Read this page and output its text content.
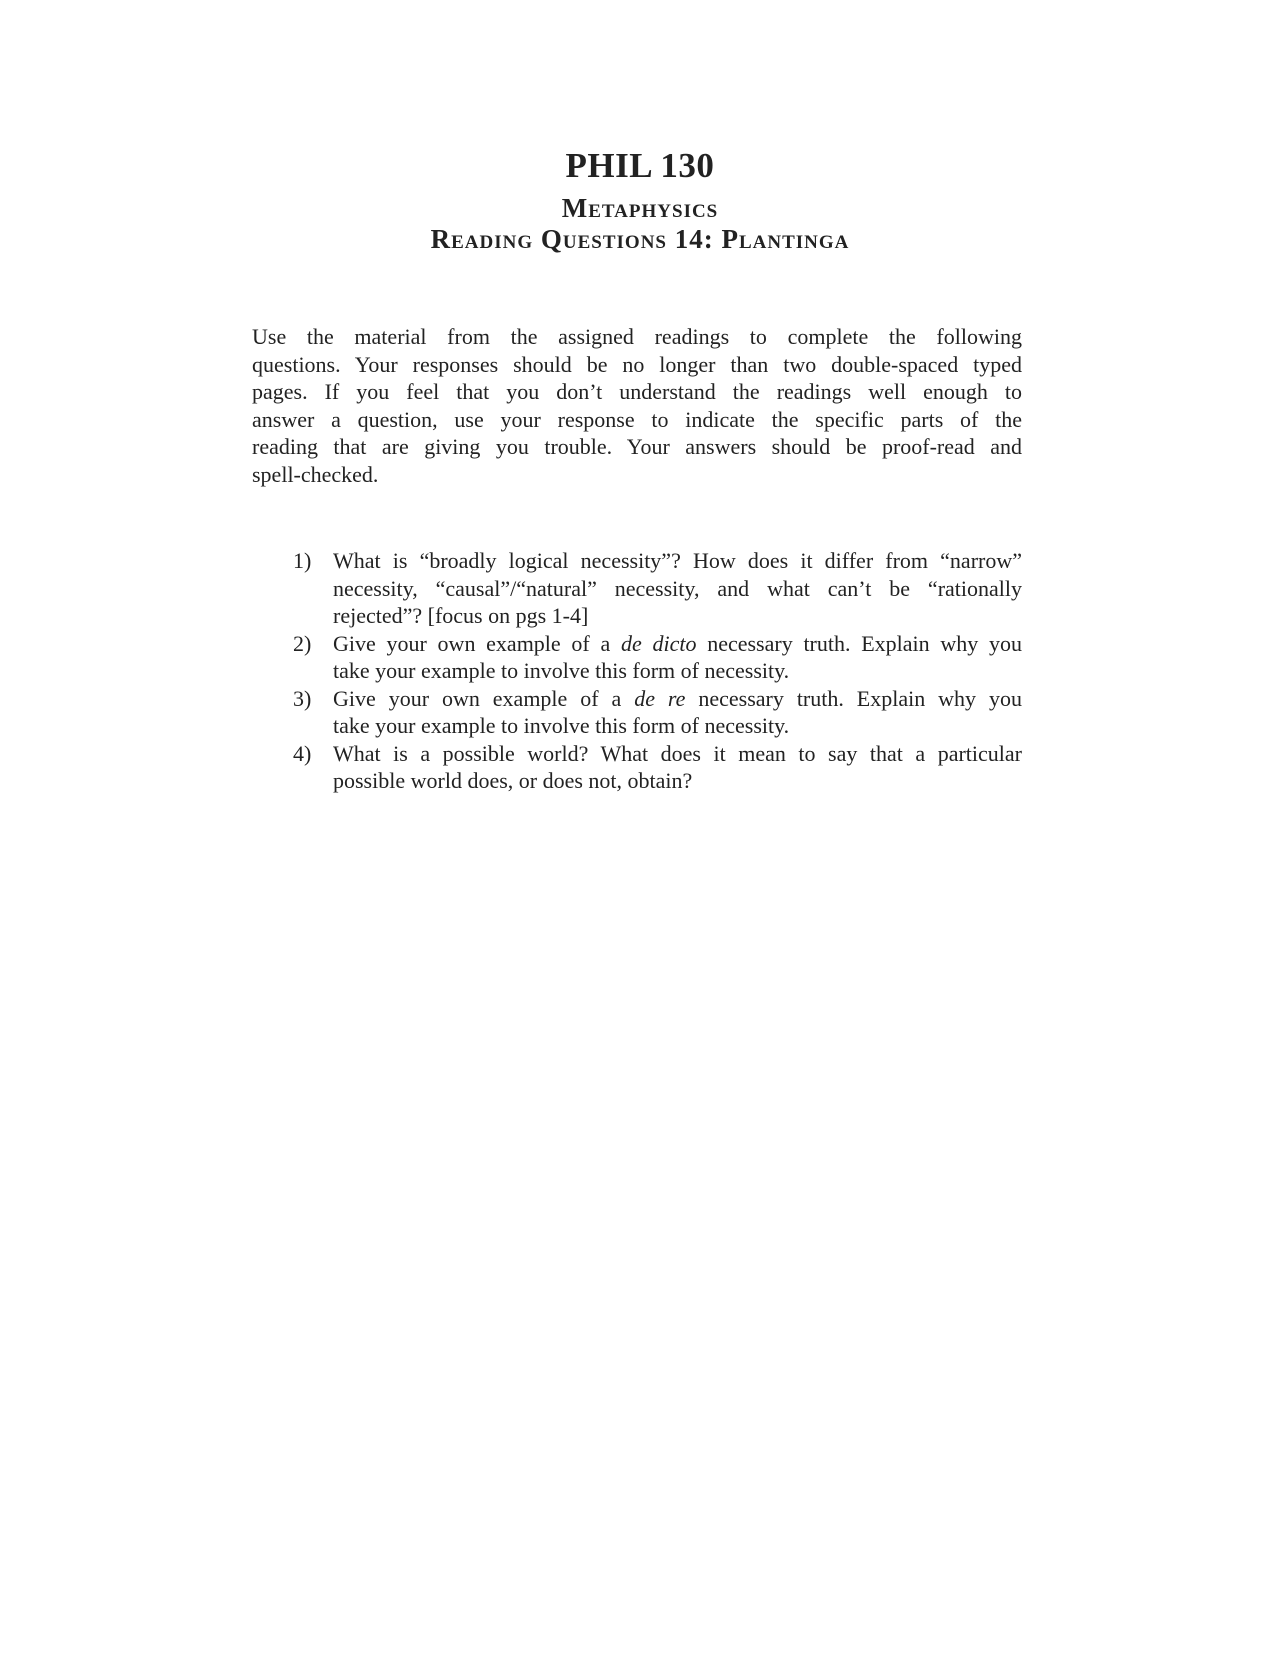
PHIL 130
Metaphysics
Reading Questions 14: Plantinga
Use the material from the assigned readings to complete the following
questions. Your responses should be no longer than two double-spaced typed
pages. If you feel that you don’t understand the readings well enough to
answer a question, use your response to indicate the specific parts of the
reading that are giving you trouble. Your answers should be proof-read and
spell-checked.
1) What is “broadly logical necessity”? How does it differ from “narrow”
necessity, “causal”/“natural” necessity, and what can’t be “rationally
rejected”? [focus on pgs 1-4]
2) Give your own example of a de dicto necessary truth. Explain why you
take your example to involve this form of necessity.
3) Give your own example of a de re necessary truth. Explain why you
take your example to involve this form of necessity.
4) What is a possible world? What does it mean to say that a particular
possible world does, or does not, obtain?
